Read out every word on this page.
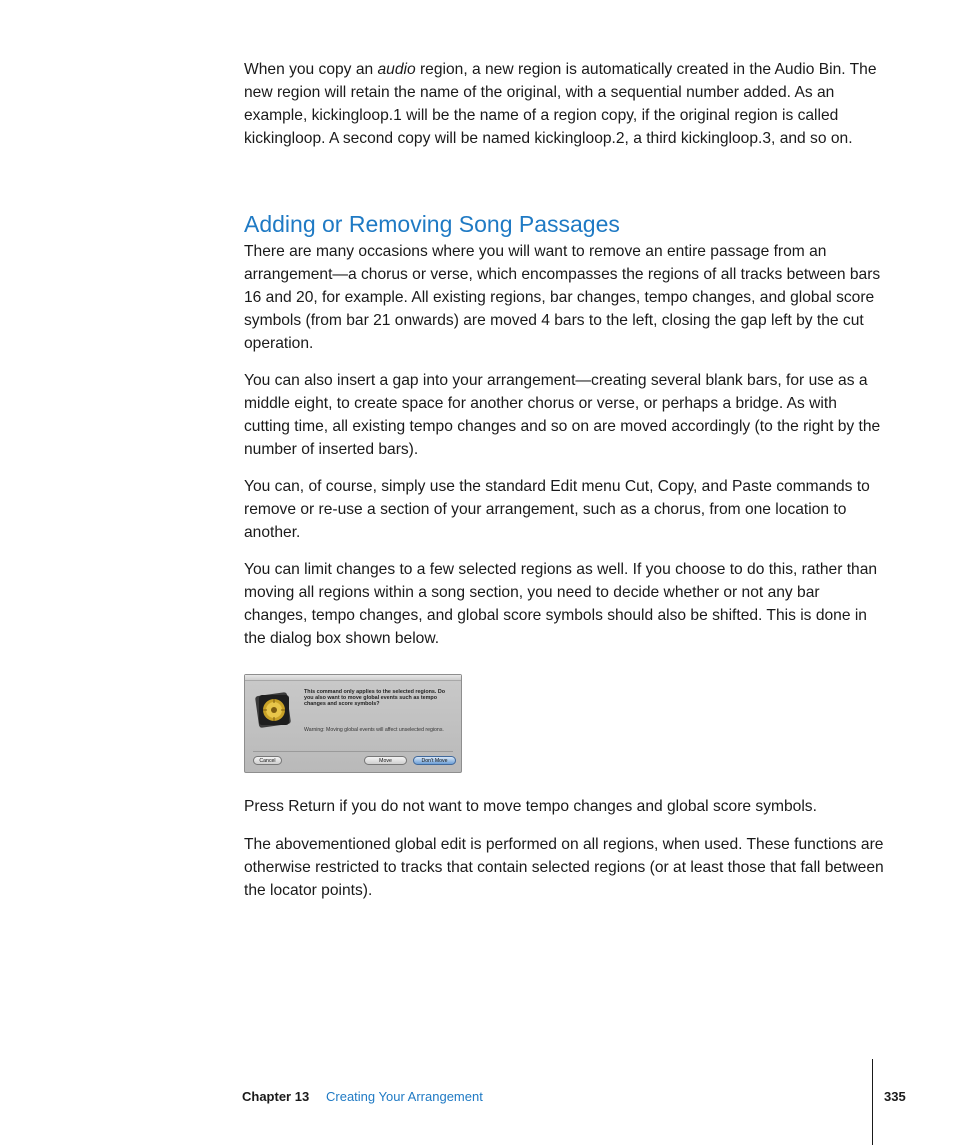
When you copy an audio region, a new region is automatically created in the Audio Bin. The new region will retain the name of the original, with a sequential number added. As an example, kickingloop.1 will be the name of a region copy, if the original region is called kickingloop. A second copy will be named kickingloop.2, a third kickingloop.3, and so on.

Adding or Removing Song Passages

There are many occasions where you will want to remove an entire passage from an arrangement—a chorus or verse, which encompasses the regions of all tracks between bars 16 and 20, for example. All existing regions, bar changes, tempo changes, and global score symbols (from bar 21 onwards) are moved 4 bars to the left, closing the gap left by the cut operation.

You can also insert a gap into your arrangement—creating several blank bars, for use as a middle eight, to create space for another chorus or verse, or perhaps a bridge. As with cutting time, all existing tempo changes and so on are moved accordingly (to the right by the number of inserted bars).

You can, of course, simply use the standard Edit menu Cut, Copy, and Paste commands to remove or re-use a section of your arrangement, such as a chorus, from one location to another.

You can limit changes to a few selected regions as well. If you choose to do this, rather than moving all regions within a song section, you need to decide whether or not any bar changes, tempo changes, and global score symbols should also be shifted. This is done in the dialog box shown below.

This command only applies to the selected regions. Do you also want to move global events such as tempo changes and score symbols?
Warning: Moving global events will affect unselected regions.
Cancel	Move	Don't Move

Press Return if you do not want to move tempo changes and global score symbols.

The abovementioned global edit is performed on all regions, when used. These functions are otherwise restricted to tracks that contain selected regions (or at least those that fall between the locator points).

Chapter 13 Creating Your Arrangement	335
